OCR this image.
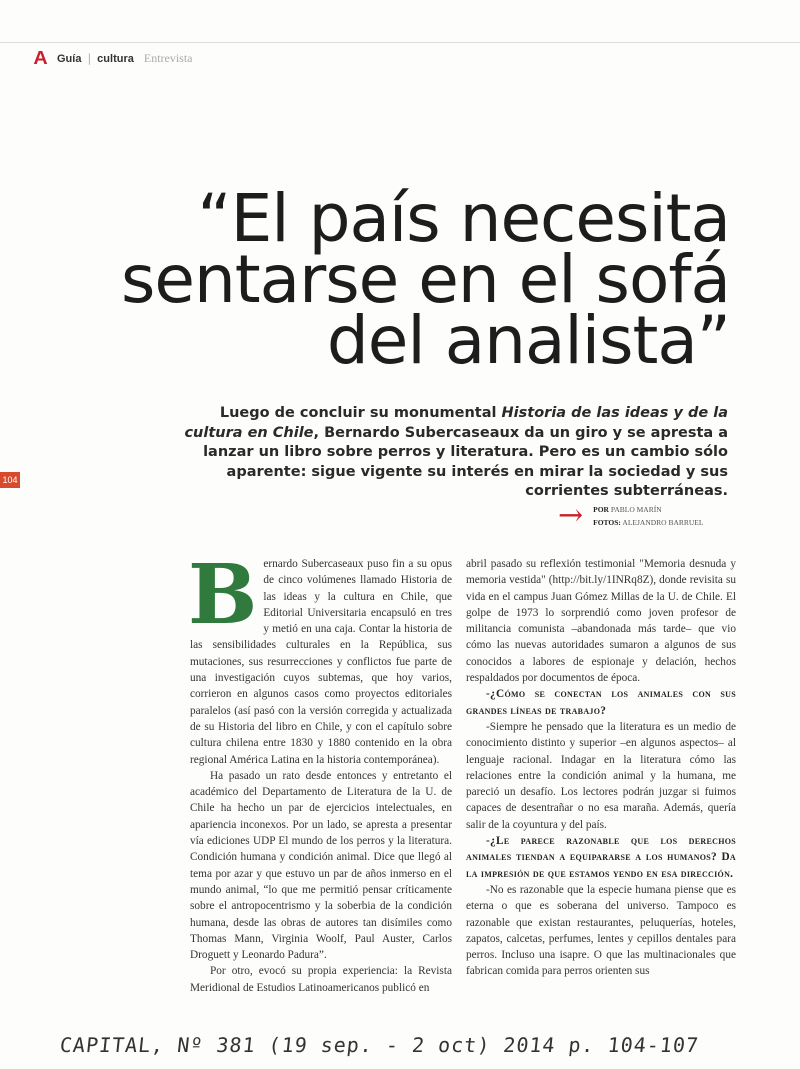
A Guía | cultura Entrevista
“El país necesita sentarse en el sofá del analista”
Luego de concluir su monumental Historia de las ideas y de la cultura en Chile, Bernardo Subercaseaux da un giro y se apresta a lanzar un libro sobre perros y literatura. Pero es un cambio sólo aparente: sigue vigente su interés en mirar la sociedad y sus corrientes subterráneas.
104
→ POR PABLO MARÍN
FOTOS: ALEJANDRO BARRUEL
B ernardo Subercaseaux puso fin a su opus de cinco volúmenes llamado Historia de las ideas y la cultura en Chile, que Editorial Universitaria encapsuló en tres y metió en una caja. Contar la historia de las sensibilidades culturales en la República, sus mutaciones, sus resurrecciones y conflictos fue parte de una investigación cuyos subtemas, que hoy varios, corrieron en algunos casos como proyectos editoriales paralelos (así pasó con la versión corregida y actualizada de su Historia del libro en Chile, y con el capítulo sobre cultura chilena entre 1830 y 1880 contenido en la obra regional América Latina en la historia contemporánea).

Ha pasado un rato desde entonces y entretanto el académico del Departamento de Literatura de la U. de Chile ha hecho un par de ejercicios intelectuales, en apariencia inconexos. Por un lado, se apresta a presentar vía ediciones UDP El mundo de los perros y la literatura. Condición humana y condición animal. Dice que llegó al tema por azar y que estuvo un par de años inmerso en el mundo animal, “lo que me permitió pensar críticamente sobre el antropocentrismo y la soberbia de la condición humana, desde las obras de autores tan disímiles como Thomas Mann, Virginia Woolf, Paul Auster, Carlos Droguett y Leonardo Padura”.

Por otro, evocó su propia experiencia: la Revista Meridional de Estudios Latinoamericanos publicó en

abril pasado su reflexión testimonial "Memoria desnuda y memoria vestida" (http://bit.ly/1INRq8Z), donde revisita su vida en el campus Juan Gómez Millas de la U. de Chile. El golpe de 1973 lo sorprendió como joven profesor de militancia comunista –abandonada más tarde– que vio cómo las nuevas autoridades sumaron a algunos de sus conocidos a labores de espionaje y delación, hechos respaldados por documentos de época.

-¿Cómo se conectan los animales con sus grandes líneas de trabajo?

-Siempre he pensado que la literatura es un medio de conocimiento distinto y superior –en algunos aspectos– al lenguaje racional. Indagar en la literatura cómo las relaciones entre la condición animal y la humana, me pareció un desafío. Los lectores podrán juzgar si fuimos capaces de desentrañar o no esa maraña. Además, quería salir de la coyuntura y del país.

-¿Le parece razonable que los derechos animales tiendan a equipararse a los humanos? Da la impresión de que estamos yendo en esa dirección.

-No es razonable que la especie humana piense que es eterna o que es soberana del universo. Tampoco es razonable que existan restaurantes, peluquerías, hoteles, zapatos, calcetas, perfumes, lentes y cepillos dentales para perros. Incluso una isapre. O que las multinacionales que fabrican comida para perros orienten sus

CAPITAL, Nº 381 (19 sep. - 2 oct) 2014 p. 104-107
